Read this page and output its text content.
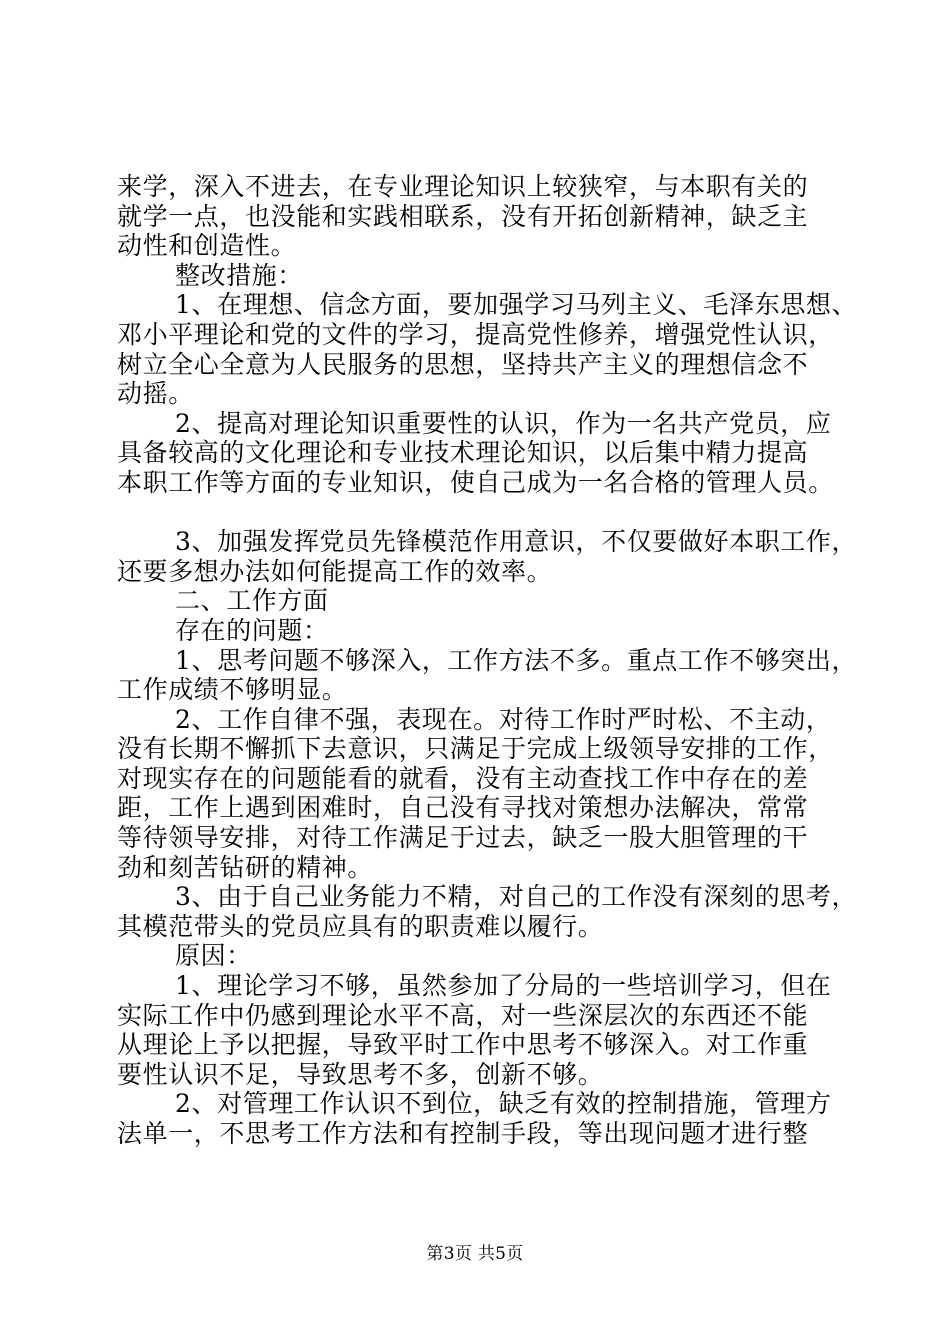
来学，深入不进去，在专业理论知识上较狭窄，与本职有关的
就学一点，也没能和实践相联系，没有开拓创新精神，缺乏主
动性和创造性。
整改措施：
1、在理想、信念方面，要加强学习马列主义、毛泽东思想、
邓小平理论和党的文件的学习，提高党性修养，增强党性认识，
树立全心全意为人民服务的思想，坚持共产主义的理想信念不
动摇。
2、提高对理论知识重要性的认识，作为一名共产党员，应
具备较高的文化理论和专业技术理论知识，以后集中精力提高
本职工作等方面的专业知识，使自己成为一名合格的管理人员。
3、加强发挥党员先锋模范作用意识，不仅要做好本职工作，
还要多想办法如何能提高工作的效率。
二、工作方面
存在的问题：
1、思考问题不够深入，工作方法不多。重点工作不够突出，
工作成绩不够明显。
2、工作自律不强，表现在。对待工作时严时松、不主动，
没有长期不懈抓下去意识，只满足于完成上级领导安排的工作，
对现实存在的问题能看的就看，没有主动查找工作中存在的差
距，工作上遇到困难时，自己没有寻找对策想办法解决，常常
等待领导安排，对待工作满足于过去，缺乏一股大胆管理的干
劲和刻苦钻研的精神。
3、由于自己业务能力不精，对自己的工作没有深刻的思考，
其模范带头的党员应具有的职责难以履行。
原因：
1、理论学习不够，虽然参加了分局的一些培训学习，但在
实际工作中仍感到理论水平不高，对一些深层次的东西还不能
从理论上予以把握，导致平时工作中思考不够深入。对工作重
要性认识不足，导致思考不多，创新不够。
2、对管理工作认识不到位，缺乏有效的控制措施，管理方
法单一，不思考工作方法和有控制手段，等出现问题才进行整
第3页 共5页
